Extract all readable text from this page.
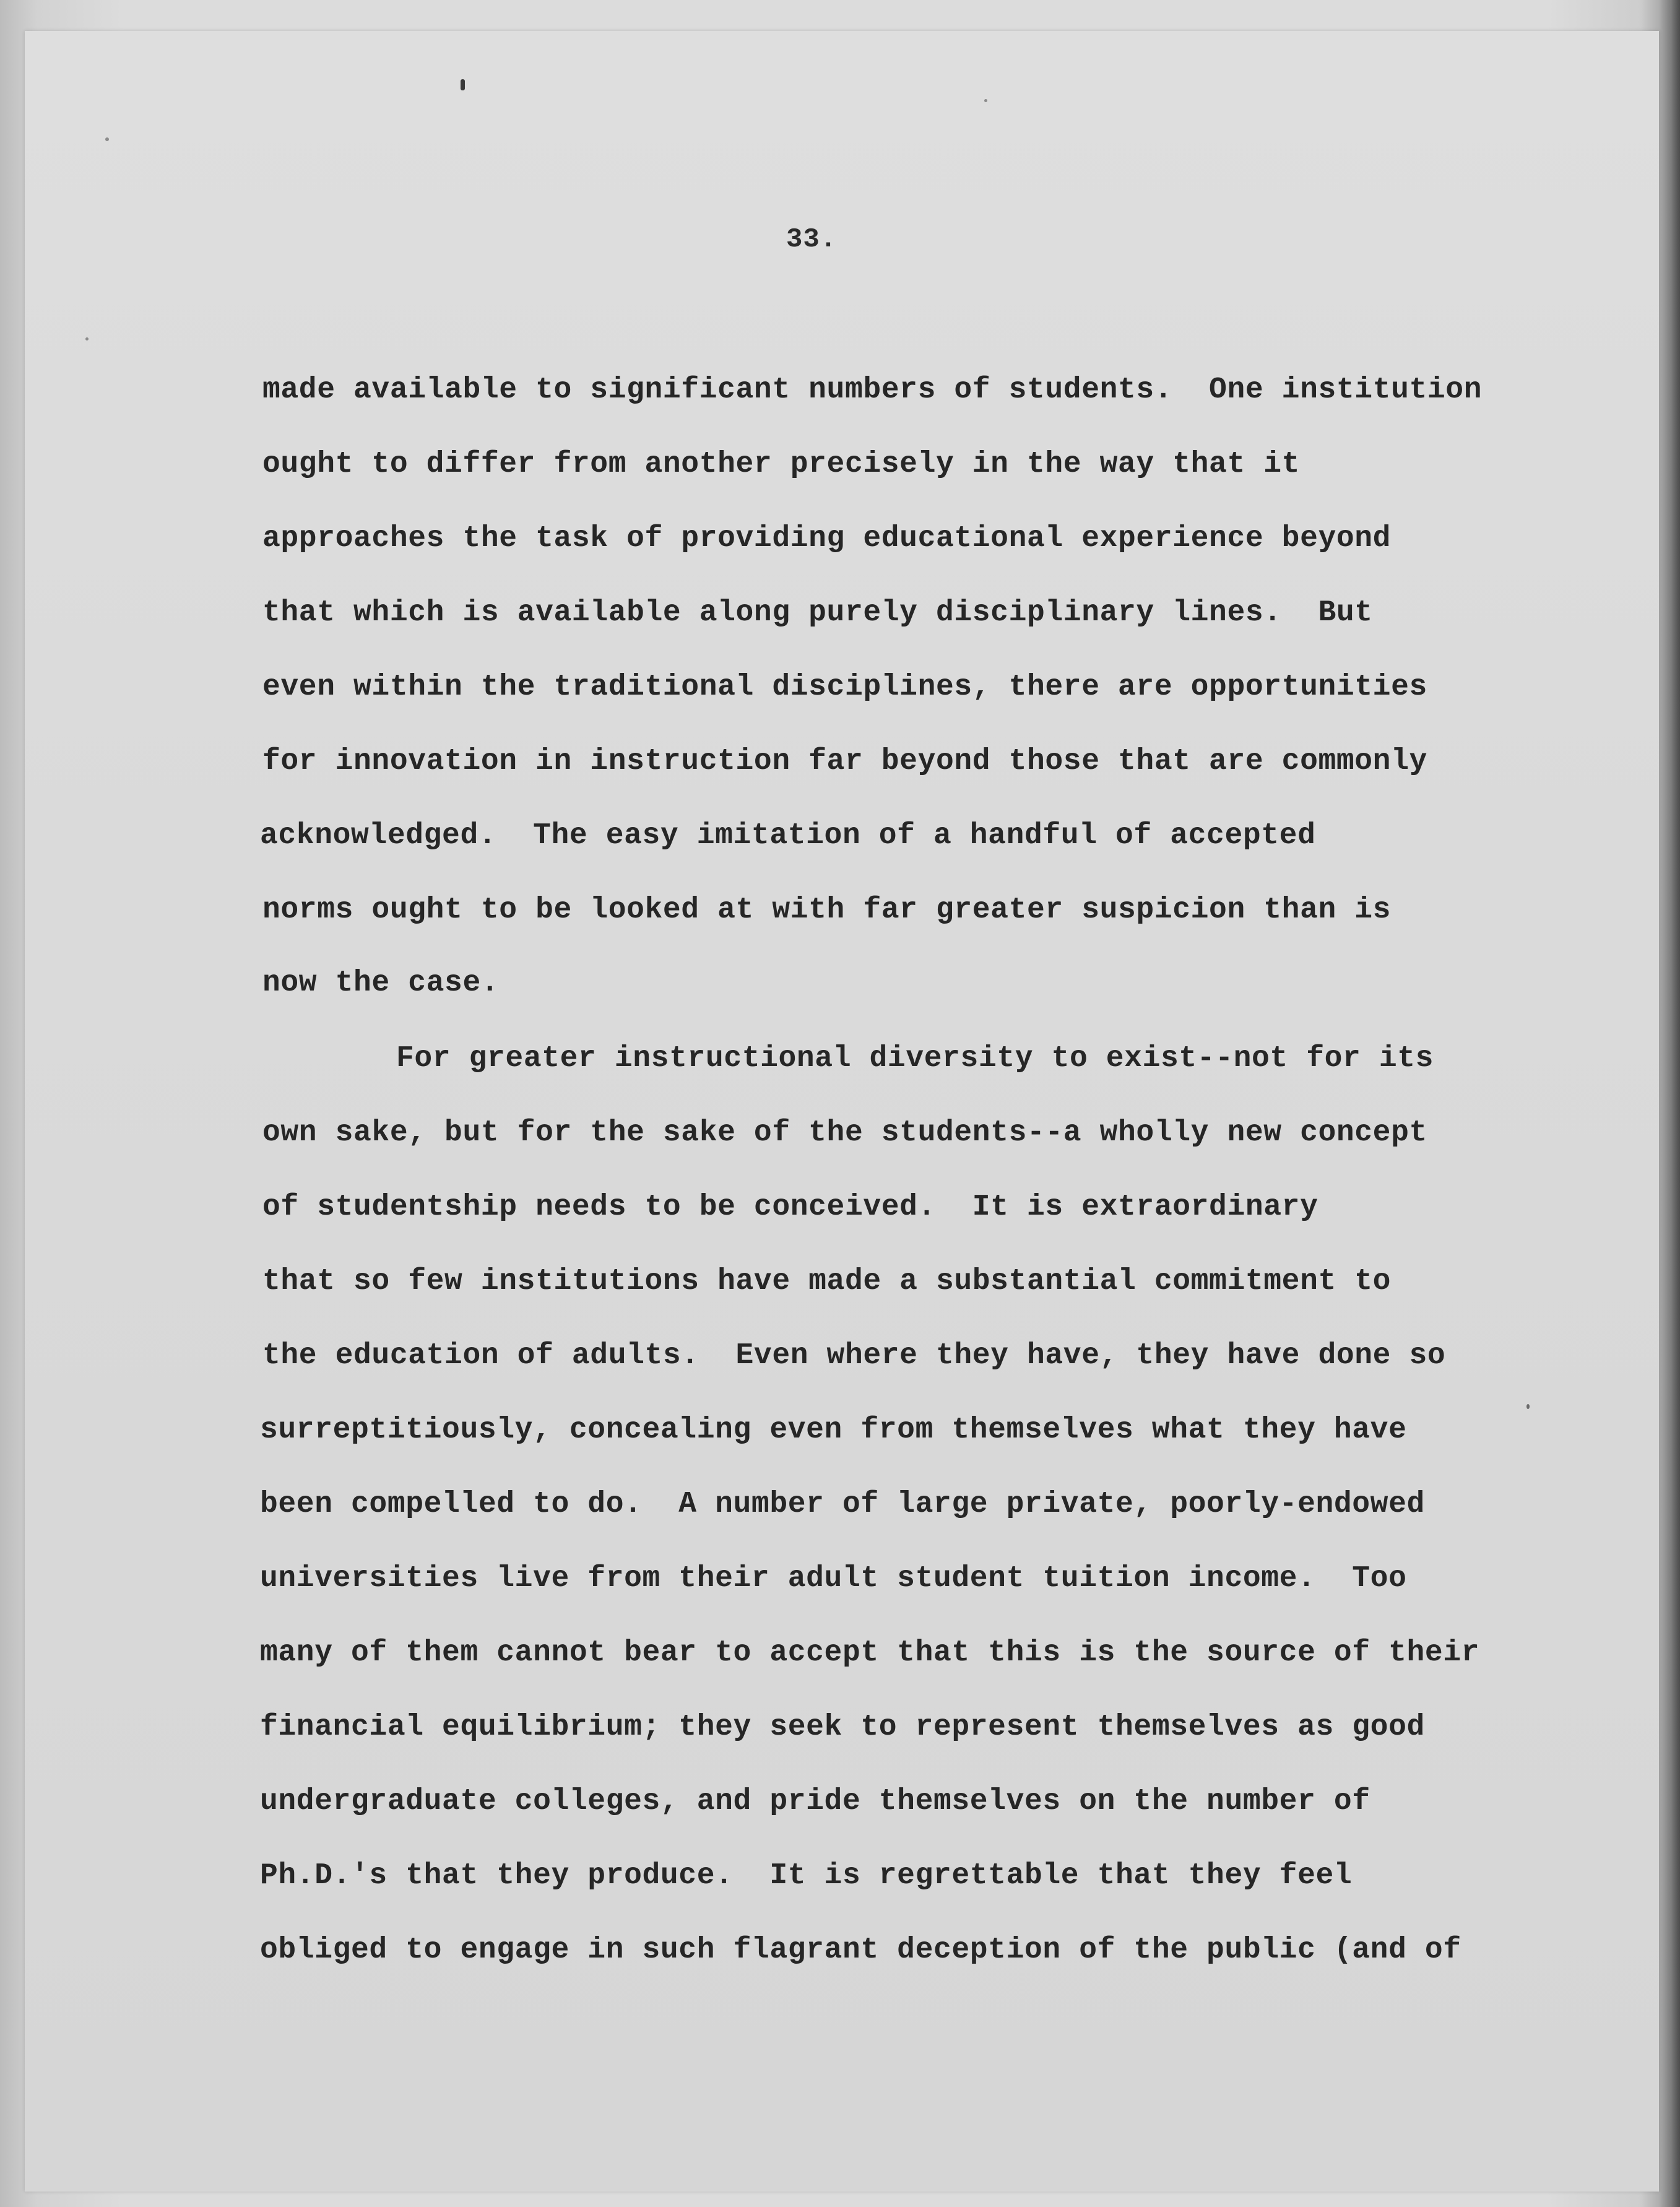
33.

made available to significant numbers of students.  One institution

ought to differ from another precisely in the way that it

approaches the task of providing educational experience beyond

that which is available along purely disciplinary lines.  But

even within the traditional disciplines, there are opportunities

for innovation in instruction far beyond those that are commonly

acknowledged.  The easy imitation of a handful of accepted

norms ought to be looked at with far greater suspicion than is

now the case.

For greater instructional diversity to exist--not for its

own sake, but for the sake of the students--a wholly new concept

of studentship needs to be conceived.  It is extraordinary

that so few institutions have made a substantial commitment to

the education of adults.  Even where they have, they have done so

surreptitiously, concealing even from themselves what they have

been compelled to do.  A number of large private, poorly-endowed

universities live from their adult student tuition income.  Too

many of them cannot bear to accept that this is the source of their

financial equilibrium; they seek to represent themselves as good

undergraduate colleges, and pride themselves on the number of

Ph.D.'s that they produce.  It is regrettable that they feel

obliged to engage in such flagrant deception of the public (and of
